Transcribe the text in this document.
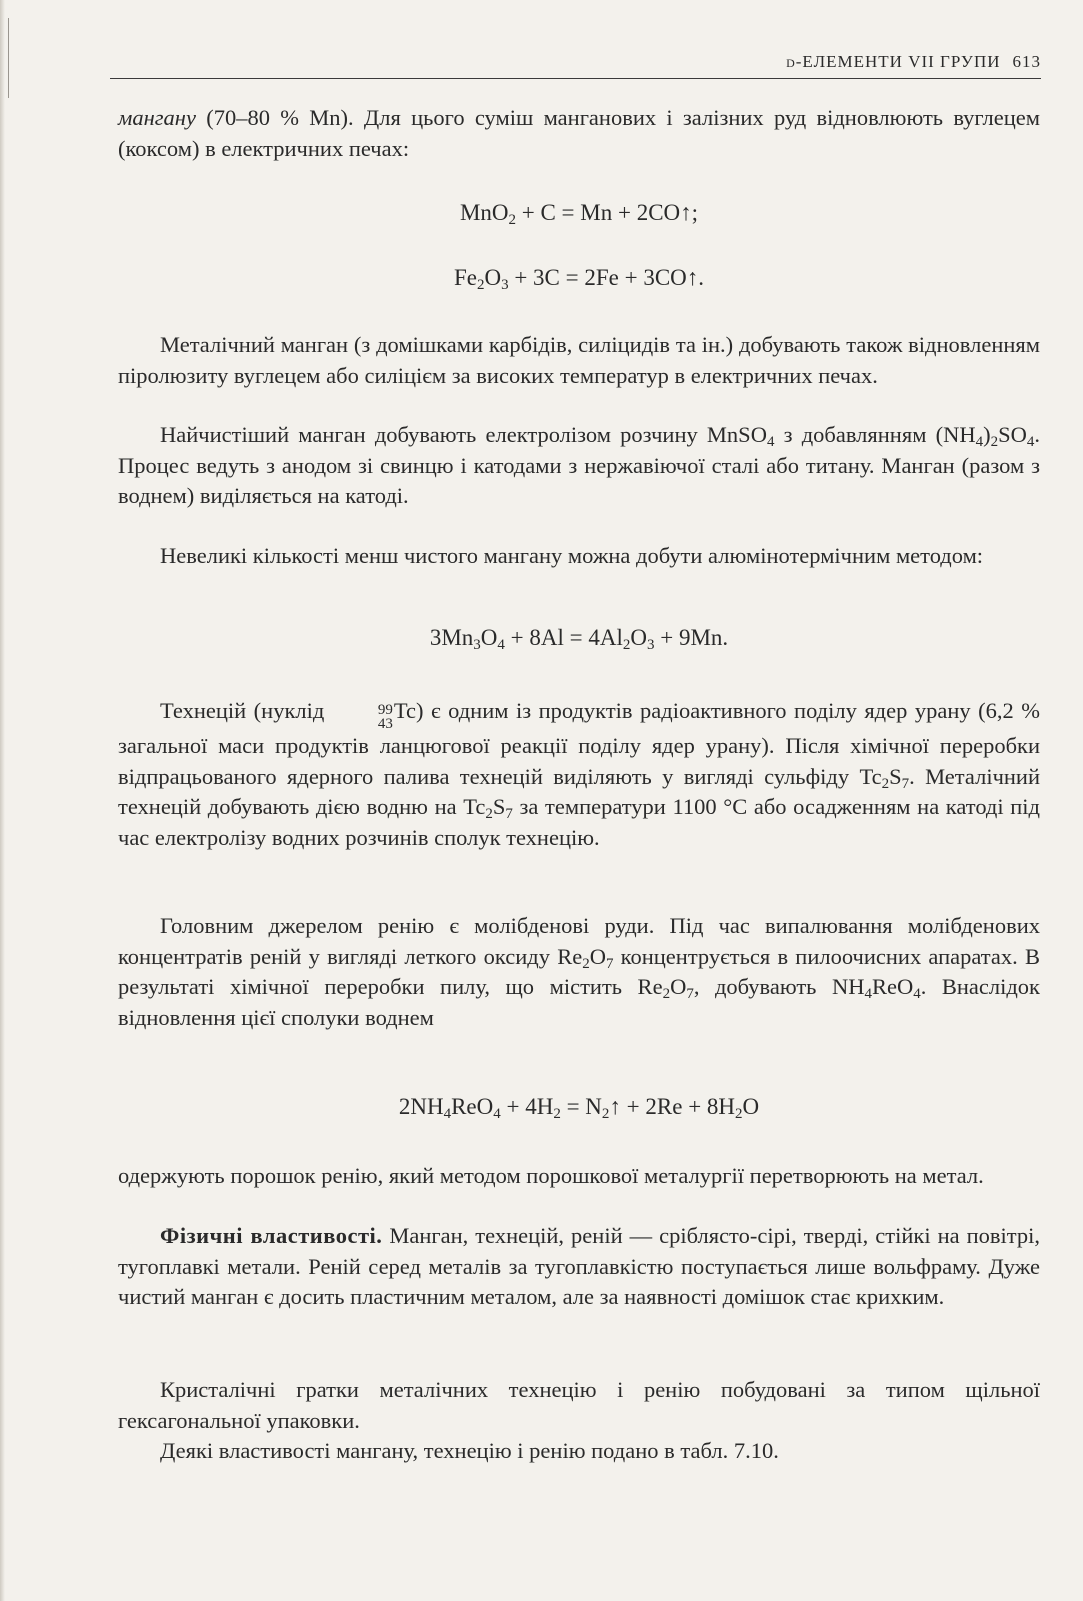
d-ЕЛЕМЕНТИ VII ГРУПИ 613

мангану (70–80 % Mn). Для цього суміш манганових і залізних руд відновлюють вуглецем (коксом) в електричних печах:

MnO$_2$ + C = Mn + 2CO↑;

$Fe_2O_3 + 3C = 2Fe$ + 3CO↑.

Металічний манган (з домішками карбідів, силіцидів та ін.) добувають також відновленням піролюзиту вуглецем або силіцієм за високих температур в електричних печах.

Найчистіший манган добувають електролізом розчину MnSO$_4$ з добавлянням $(NH_4)_2SO_4$. Процес ведуть з анодом зі свинцю і катодами з нержавіючої сталі або титану. Манган (разом з воднем) виділяється на катоді.

Невеликі кількості менш чистого мангану можна добути алюмінотермічним методом:

$3Mn_3O_4 + 8Al = 4Al_2O_3 + 9Mn$.

Технецій (нуклід	99
43
Tc) є одним із продуктів радіоактивного поділу ядер урану (6,2 % загальної маси продуктів ланцюгової реакції поділу ядер урану). Після хімічної переробки відпрацьованого ядерного палива технецій виділяють у вигляді сульфіду $Tc_2S_7$. Металічний технецій добувають дією водню на $Tc_2S_7$ за температури 1100 °C або осадженням на катоді під час електролізу водних розчинів сполук технецію.

Головним джерелом ренію є молібденові руди. Під час випалювання молібденових концентратів реній у вигляді леткого оксиду $Re_2O_7$ концентрується в пилоочисних апаратах. В результаті хімічної переробки пилу, що містить $Re_2O_7$, добувають $NH_4ReO_4$. Внаслідок відновлення цієї сполуки воднем

$2NH_4ReO_4 + 4H_2$ = $N_2↑ + 2Re + 8H_2O$

одержують порошок ренію, який методом порошкової металургії перетворюють на метал.

Фізичні властивості. Манган, технецій, реній — сріблясто-сірі, тверді, стійкі на повітрі, тугоплавкі метали. Реній серед металів за тугоплавкістю поступається лише вольфраму. Дуже чистий манган є досить пластичним металом, але за наявності домішок стає крихким.

Кристалічні гратки металічних технецію і ренію побудовані за типом щільної гексагональної упаковки.

Деякі властивості мангану, технецію і ренію подано в табл. 7.10.
